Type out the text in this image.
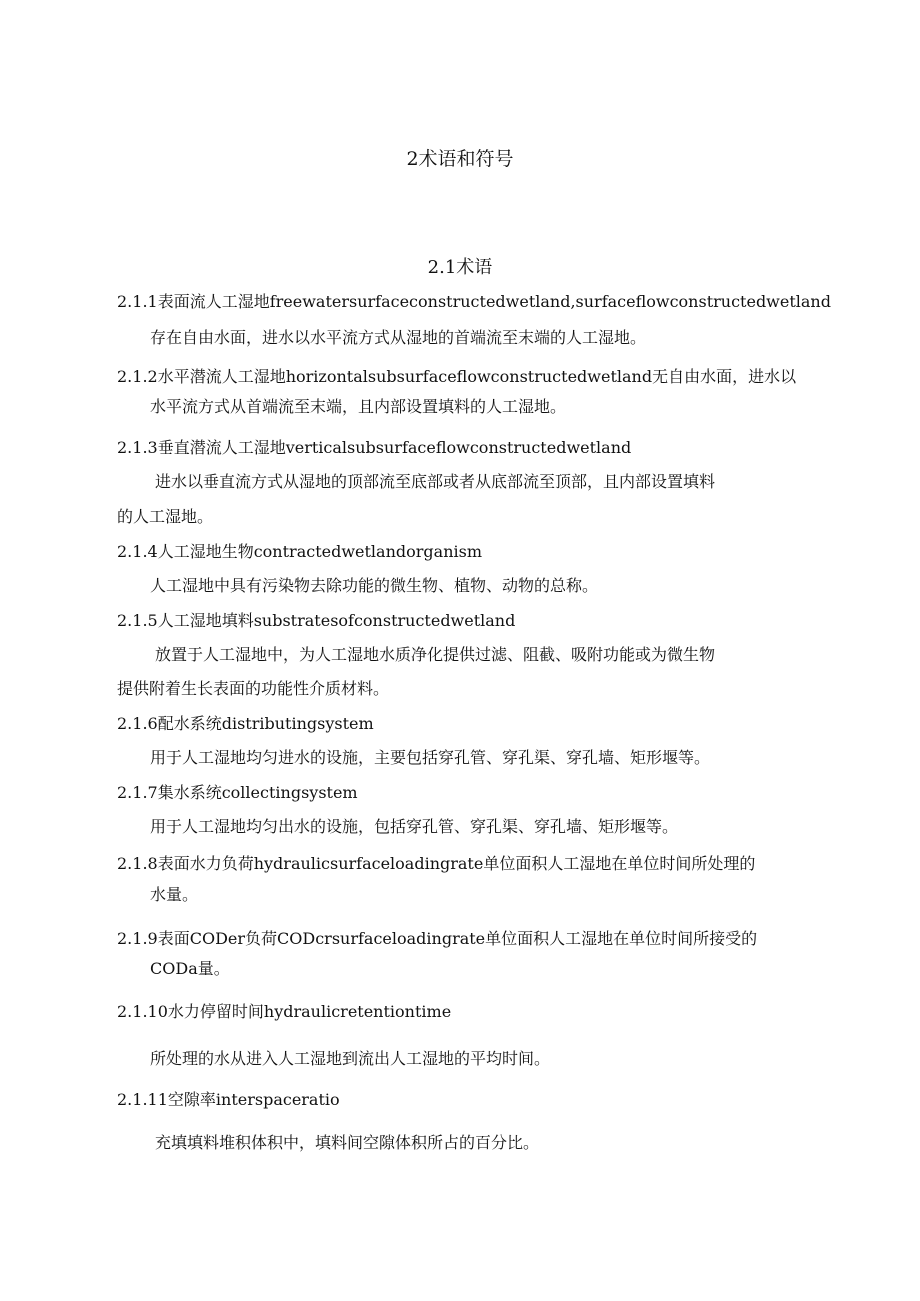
2术语和符号
2.1术语
2.1.1表面流人工湿地freewatersurfaceconstructedwetland,surfaceflowconstructedwetland
存在自由水面，进水以水平流方式从湿地的首端流至末端的人工湿地。
2.1.2水平潜流人工湿地horizontalsubsurfaceflowconstructedwetland无自由水面，进水以
水平流方式从首端流至末端，且内部设置填料的人工湿地。
2.1.3垂直潜流人工湿地verticalsubsurfaceflowconstructedwetland
进水以垂直流方式从湿地的顶部流至底部或者从底部流至顶部，且内部设置填料
的人工湿地。
2.1.4人工湿地生物contractedwetlandorganism
人工湿地中具有污染物去除功能的微生物、植物、动物的总称。
2.1.5人工湿地填料substratesofconstructedwetland
放置于人工湿地中，为人工湿地水质净化提供过滤、阻截、吸附功能或为微生物
提供附着生长表面的功能性介质材料。
2.1.6配水系统distributingsystem
用于人工湿地均匀进水的设施，主要包括穿孔管、穿孔渠、穿孔墙、矩形堰等。
2.1.7集水系统collectingsystem
用于人工湿地均匀出水的设施，包括穿孔管、穿孔渠、穿孔墙、矩形堰等。
2.1.8表面水力负荷hydraulicsurfaceloadingrate单位面积人工湿地在单位时间所处理的
水量。
2.1.9表面CODer负荷CODcrsurfaceloadingrate单位面积人工湿地在单位时间所接受的
CODa量。
2.1.10水力停留时间hydraulicretentiontime
所处理的水从进入人工湿地到流出人工湿地的平均时间。
2.1.11空隙率interspaceratio
充填填料堆积体积中，填料间空隙体积所占的百分比。
